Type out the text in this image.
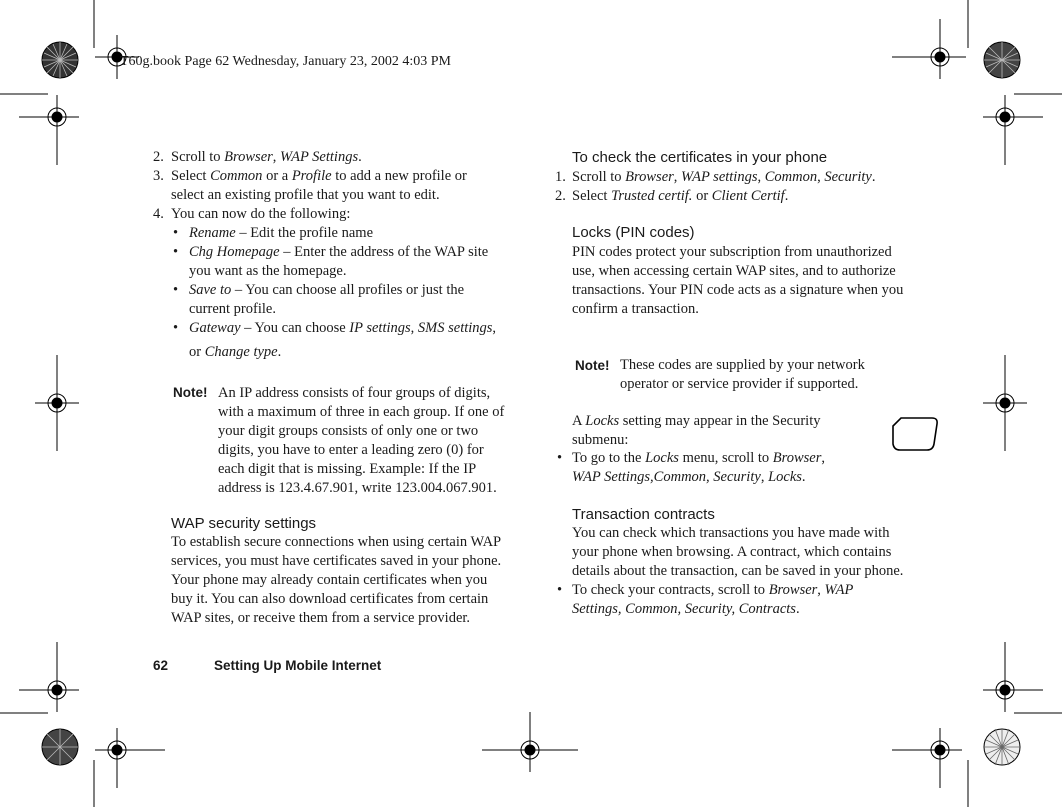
T60g.book Page 62 Wednesday, January 23, 2002 4:03 PM
2. Scroll to Browser, WAP Settings.
3. Select Common or a Profile to add a new profile or
select an existing profile that you want to edit.
4. You can now do the following:
• Rename – Edit the profile name
• Chg Homepage – Enter the address of the WAP site
you want as the homepage.
• Save to – You can choose all profiles or just the
current profile.
• Gateway – You can choose IP settings, SMS settings,
or Change type.
Note! An IP address consists of four groups of digits,
with a maximum of three in each group. If one of
your digit groups consists of only one or two
digits, you have to enter a leading zero (0) for
each digit that is missing. Example: If the IP
address is 123.4.67.901, write 123.004.067.901.
WAP security settings
To establish secure connections when using certain WAP
services, you must have certificates saved in your phone.
Your phone may already contain certificates when you
buy it. You can also download certificates from certain
WAP sites, or receive them from a service provider.
To check the certificates in your phone
1. Scroll to Browser, WAP settings, Common, Security.
2. Select Trusted certif. or Client Certif.
Locks (PIN codes)
PIN codes protect your subscription from unauthorized
use, when accessing certain WAP sites, and to authorize
transactions. Your PIN code acts as a signature when you
confirm a transaction.
Note! These codes are supplied by your network
operator or service provider if supported.
A Locks setting may appear in the Security
submenu:
• To go to the Locks menu, scroll to Browser,
WAP Settings,Common, Security, Locks.
Transaction contracts
You can check which transactions you have made with
your phone when browsing. A contract, which contains
details about the transaction, can be saved in your phone.
• To check your contracts, scroll to Browser, WAP
Settings, Common, Security, Contracts.
62	Setting Up Mobile Internet
